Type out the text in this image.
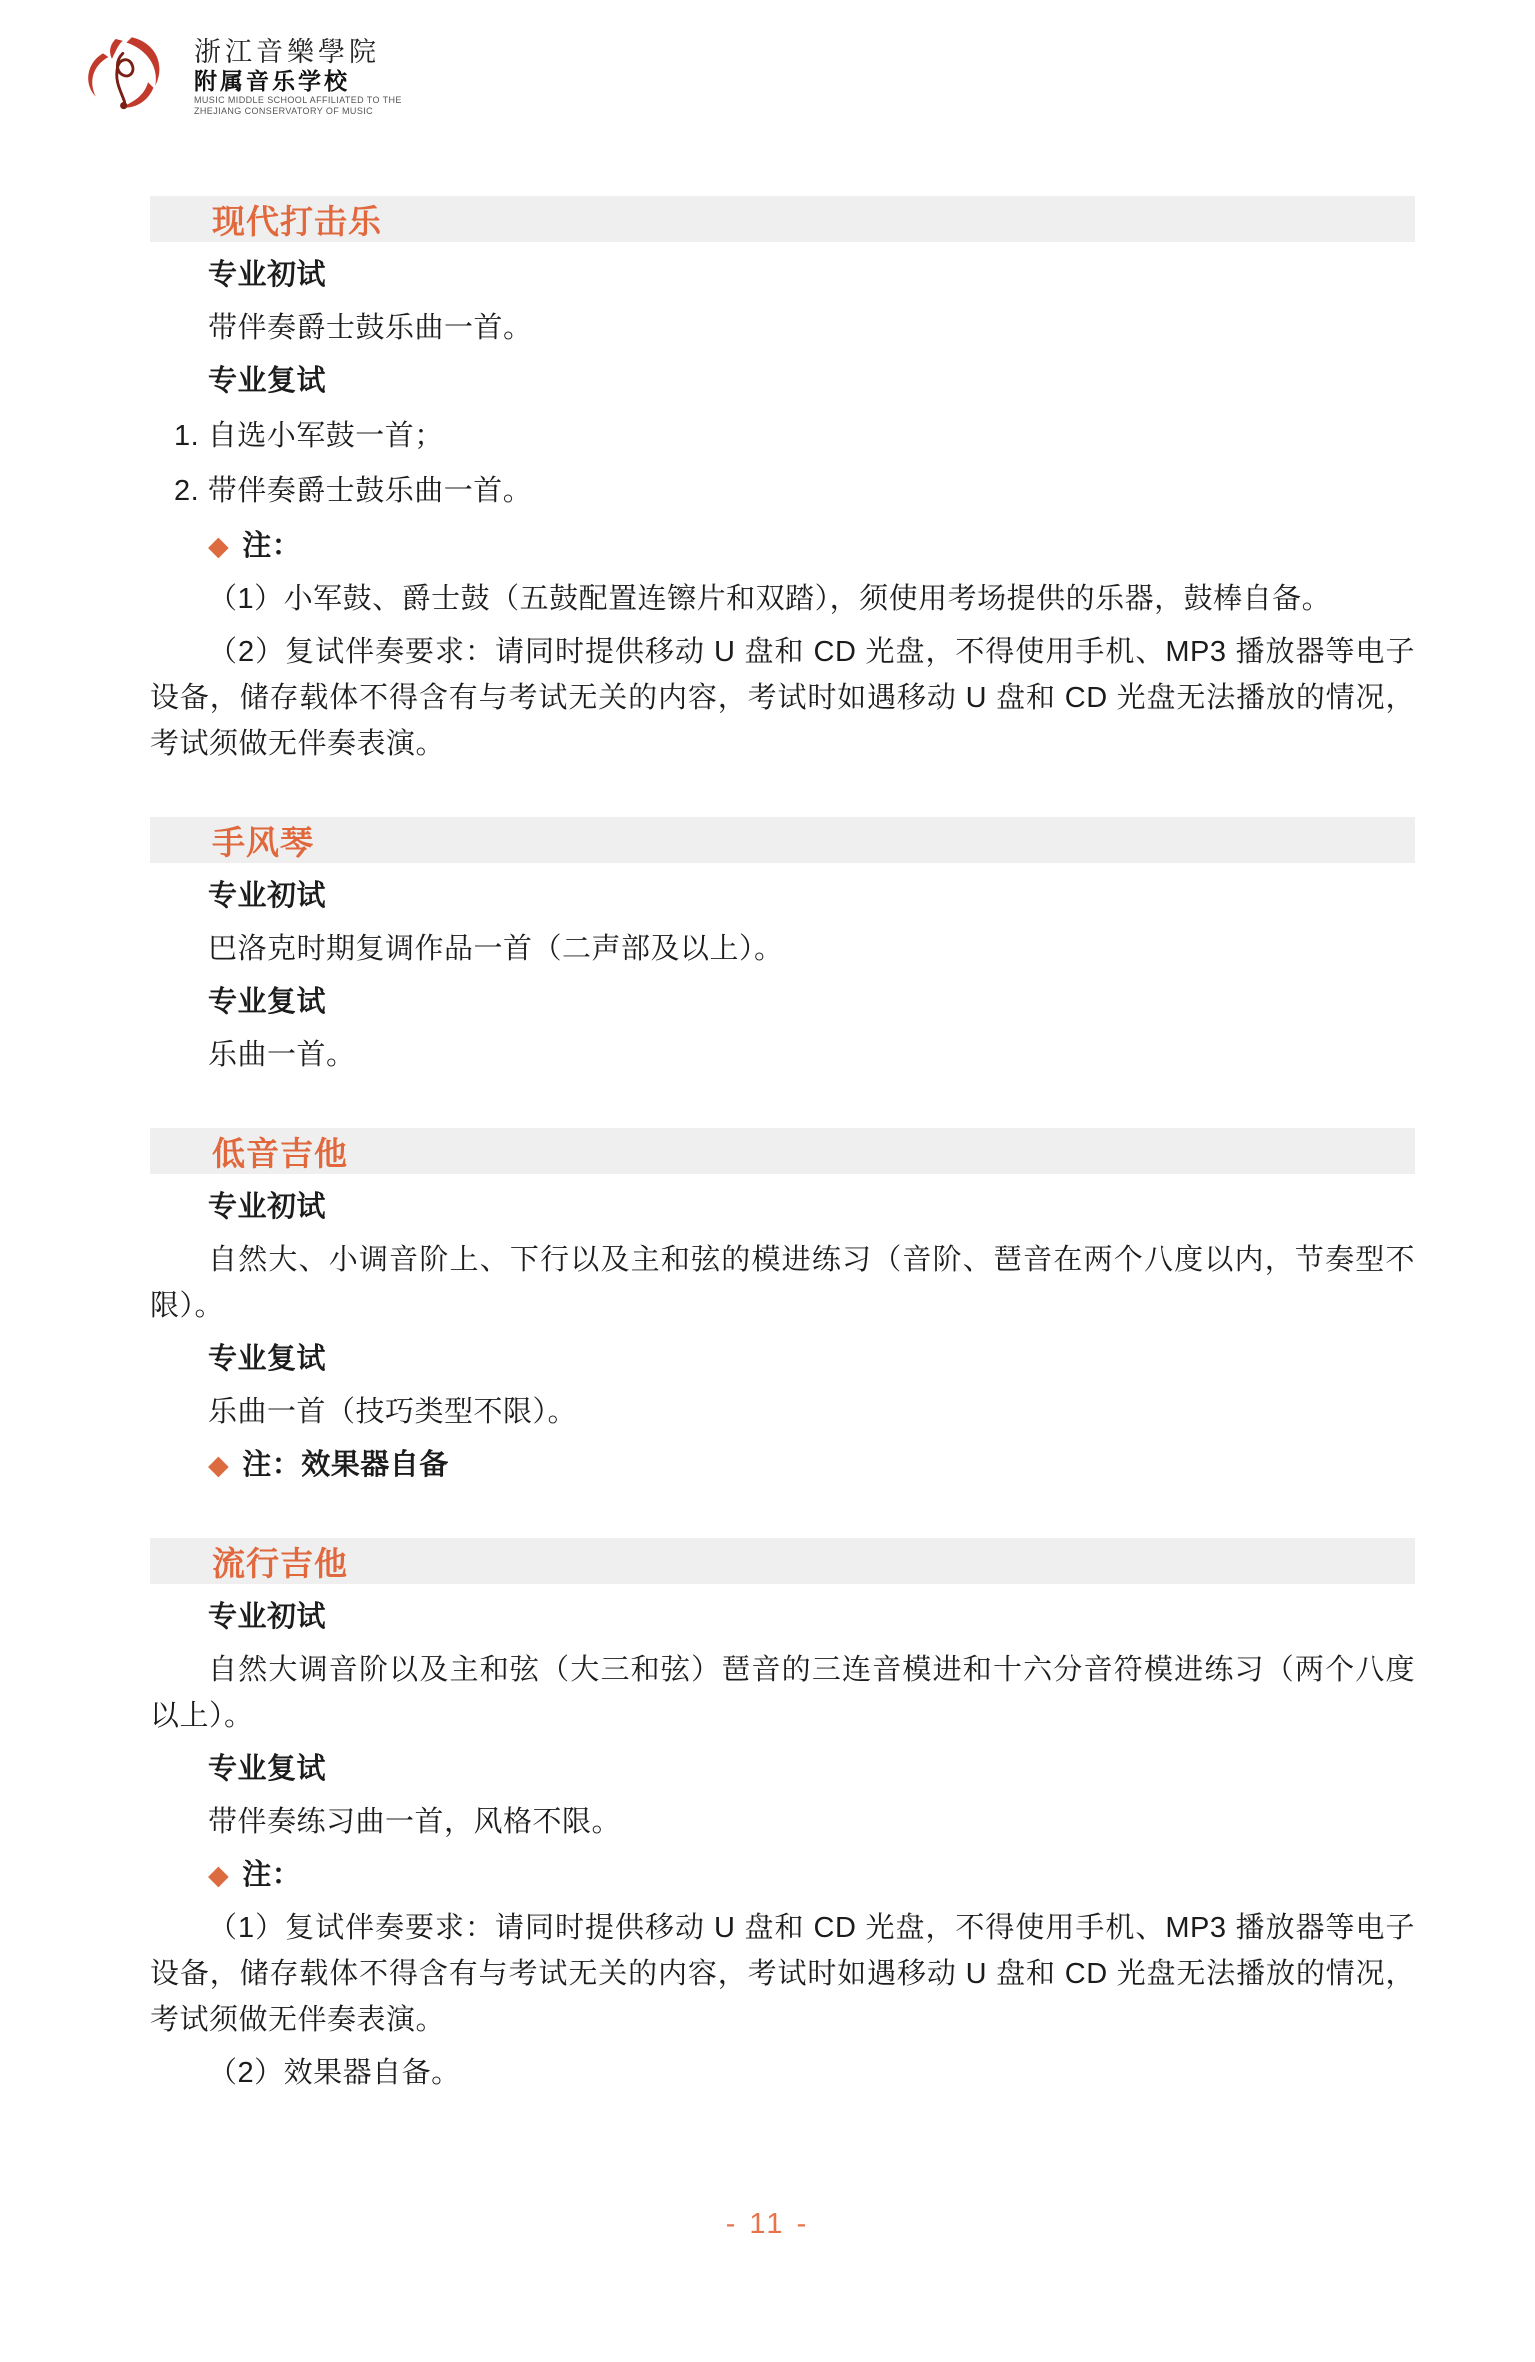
浙江音樂學院
附属音乐学校
MUSIC MIDDLE SCHOOL AFFILIATED TO THE
ZHEJIANG CONSERVATORY OF MUSIC
现代打击乐

专业初试

带伴奏爵士鼓乐曲一首。

专业复试

1. 自选小军鼓一首；

2. 带伴奏爵士鼓乐曲一首。

◆ 注：

（1）小军鼓、爵士鼓（五鼓配置连镲片和双踏），须使用考场提供的乐器，鼓棒自备。

（2）复试伴奏要求：请同时提供移动 U 盘和 CD 光盘，不得使用手机、MP3 播放器等电子设备，储存载体不得含有与考试无关的内容，考试时如遇移动 U 盘和 CD 光盘无法播放的情况，考试须做无伴奏表演。

手风琴

专业初试

巴洛克时期复调作品一首（二声部及以上）。

专业复试

乐曲一首。

低音吉他

专业初试

自然大、小调音阶上、下行以及主和弦的模进练习（音阶、琶音在两个八度以内，节奏型不限）。

专业复试

乐曲一首（技巧类型不限）。

◆ 注：效果器自备

流行吉他

专业初试

自然大调音阶以及主和弦（大三和弦）琶音的三连音模进和十六分音符模进练习（两个八度以上）。

专业复试

带伴奏练习曲一首，风格不限。

◆ 注：

（1）复试伴奏要求：请同时提供移动 U 盘和 CD 光盘，不得使用手机、MP3 播放器等电子设备，储存载体不得含有与考试无关的内容，考试时如遇移动 U 盘和 CD 光盘无法播放的情况，考试须做无伴奏表演。

（2）效果器自备。

- 11 -
